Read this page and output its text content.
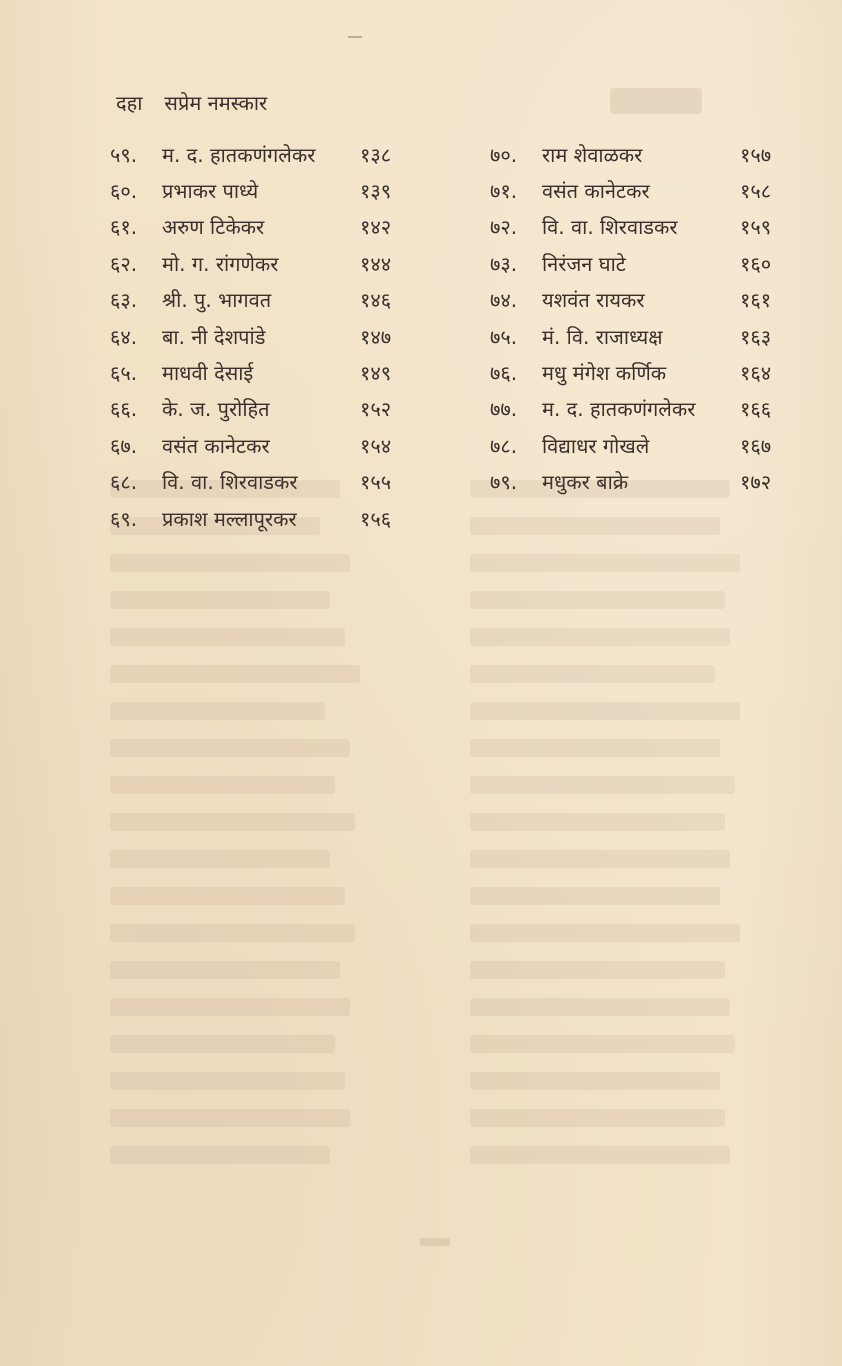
दहा सप्रेम नमस्कार
५९.	म. द. हातकणंगलेकर	१३८
६०.	प्रभाकर पाध्ये	१३९
६१.	अरुण टिकेकर	१४२
६२.	मो. ग. रांगणेकर	१४४
६३.	श्री. पु. भागवत	१४६
६४.	बा. नी देशपांडे	१४७
६५.	माधवी देसाई	१४९
६६.	के. ज. पुरोहित	१५२
६७.	वसंत कानेटकर	१५४
६८.	वि. वा. शिरवाडकर	१५५
६९.	प्रकाश मल्लापूरकर	१५६
७०.	राम शेवाळकर	१५७
७१.	वसंत कानेटकर	१५८
७२.	वि. वा. शिरवाडकर	१५९
७३.	निरंजन घाटे	१६०
७४.	यशवंत रायकर	१६१
७५.	मं. वि. राजाध्यक्ष	१६३
७६.	मधु मंगेश कर्णिक	१६४
७७.	म. द. हातकणंगलेकर	१६६
७८.	विद्याधर गोखले	१६७
७९.	मधुकर बाक्रे	१७२
